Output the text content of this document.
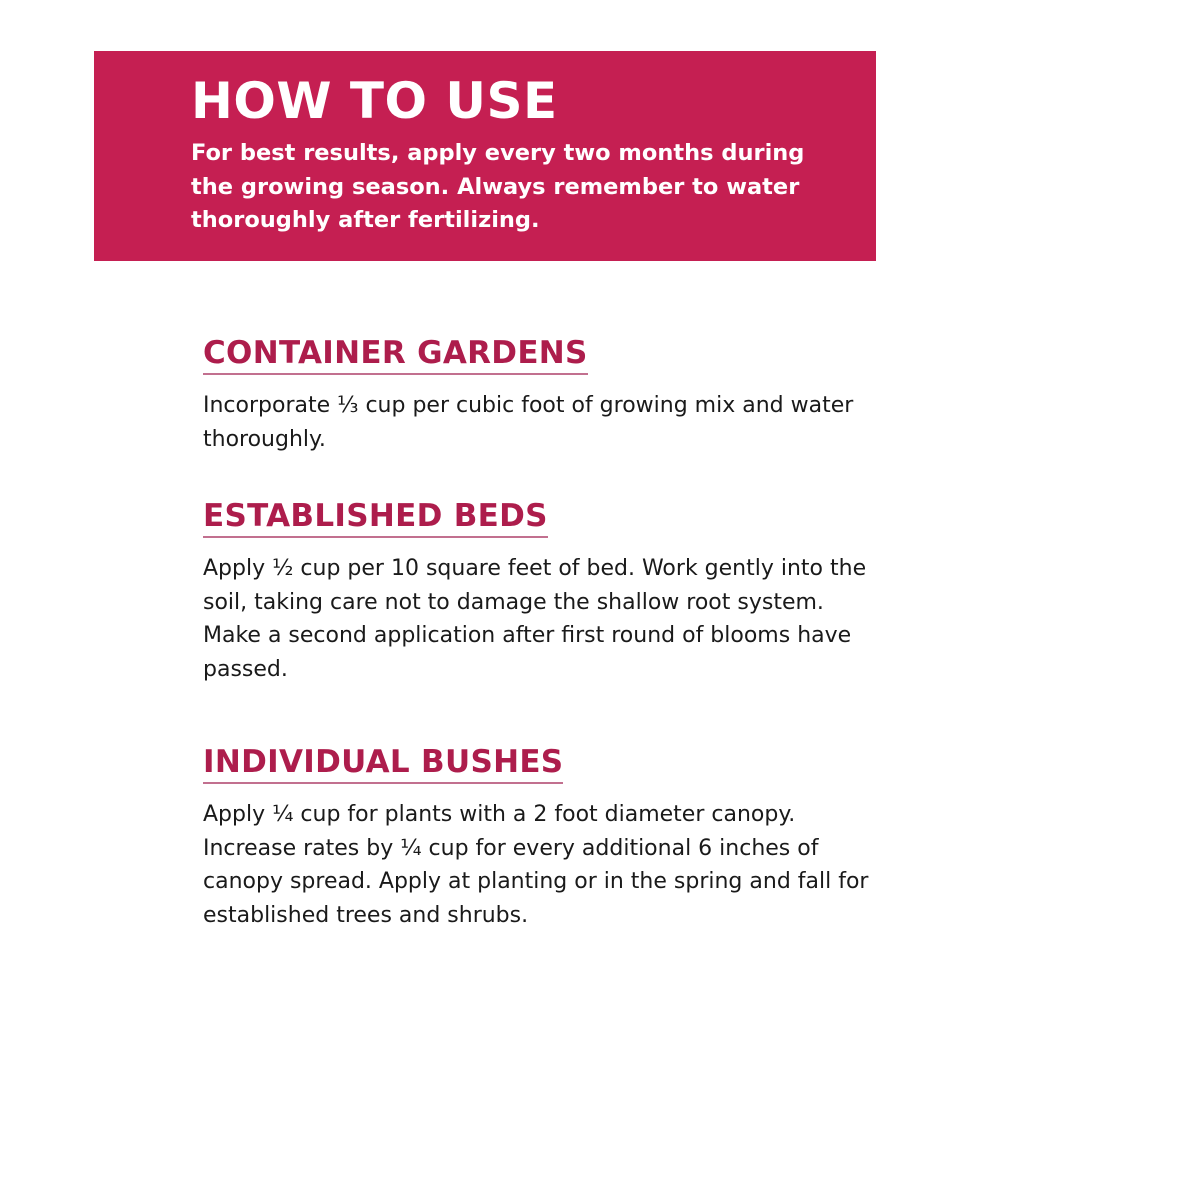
HOW TO USE

For best results, apply every two months during the growing season. Always remember to water thoroughly after fertilizing.

CONTAINER GARDENS

Incorporate ⅓ cup per cubic foot of growing mix and water thoroughly.

ESTABLISHED BEDS

Apply ½ cup per 10 square feet of bed. Work gently into the soil, taking care not to damage the shallow root system. Make a second application after first round of blooms have passed.

INDIVIDUAL BUSHES

Apply ¼ cup for plants with a 2 foot diameter canopy. Increase rates by ¼ cup for every additional 6 inches of canopy spread. Apply at planting or in the spring and fall for established trees and shrubs.
